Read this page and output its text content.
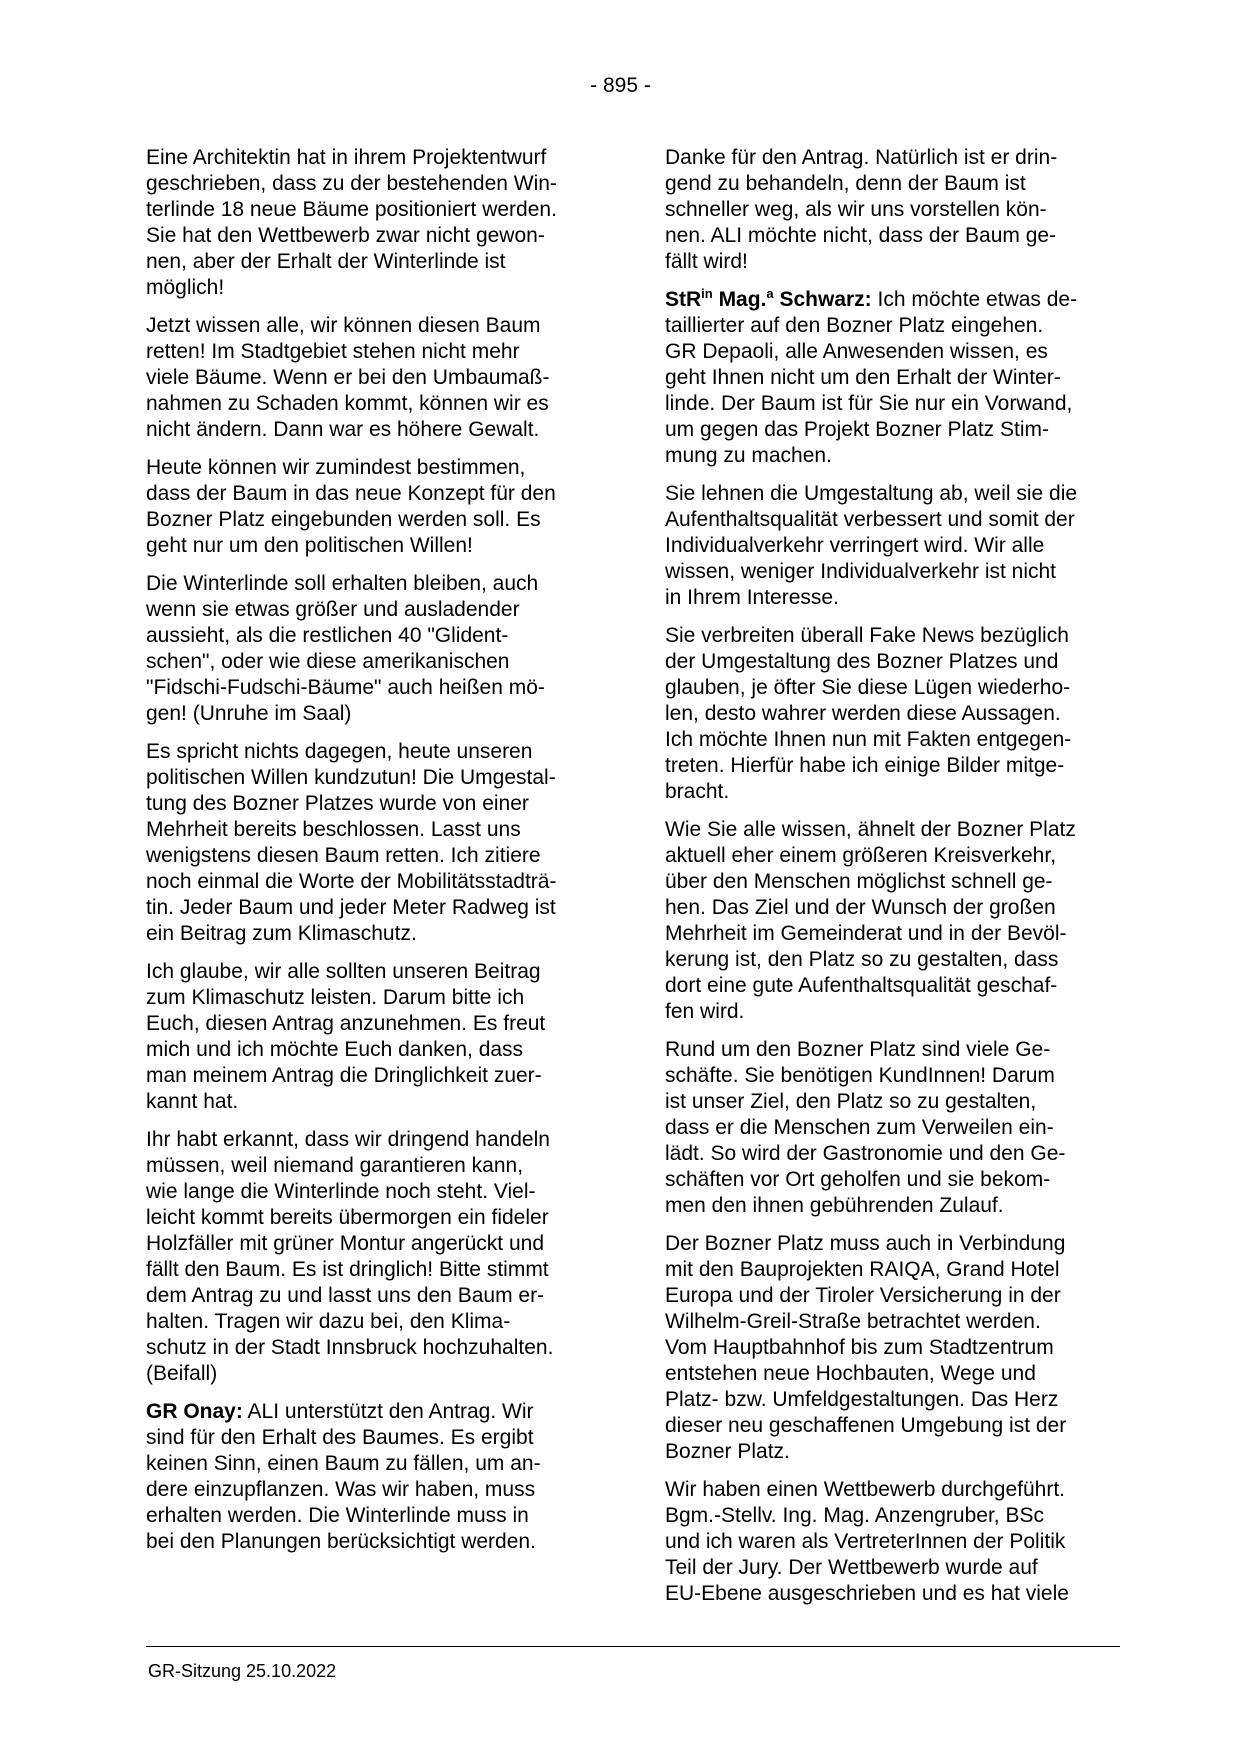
- 895 -

Eine Architektin hat in ihrem Projektentwurf
geschrieben, dass zu der bestehenden Win-
terlinde 18 neue Bäume positioniert werden.
Sie hat den Wettbewerb zwar nicht gewon-
nen, aber der Erhalt der Winterlinde ist
möglich!

Jetzt wissen alle, wir können diesen Baum
retten! Im Stadtgebiet stehen nicht mehr
viele Bäume. Wenn er bei den Umbaumaß-
nahmen zu Schaden kommt, können wir es
nicht ändern. Dann war es höhere Gewalt.

Heute können wir zumindest bestimmen,
dass der Baum in das neue Konzept für den
Bozner Platz eingebunden werden soll. Es
geht nur um den politischen Willen!

Die Winterlinde soll erhalten bleiben, auch
wenn sie etwas größer und ausladender
aussieht, als die restlichen 40 "Glident-
schen", oder wie diese amerikanischen
"Fidschi-Fudschi-Bäume" auch heißen mö-
gen! (Unruhe im Saal)

Es spricht nichts dagegen, heute unseren
politischen Willen kundzutun! Die Umgestal-
tung des Bozner Platzes wurde von einer
Mehrheit bereits beschlossen. Lasst uns
wenigstens diesen Baum retten. Ich zitiere
noch einmal die Worte der Mobilitätsstadträ-
tin. Jeder Baum und jeder Meter Radweg ist
ein Beitrag zum Klimaschutz.

Ich glaube, wir alle sollten unseren Beitrag
zum Klimaschutz leisten. Darum bitte ich
Euch, diesen Antrag anzunehmen. Es freut
mich und ich möchte Euch danken, dass
man meinem Antrag die Dringlichkeit zuer-
kannt hat.

Ihr habt erkannt, dass wir dringend handeln
müssen, weil niemand garantieren kann,
wie lange die Winterlinde noch steht. Viel-
leicht kommt bereits übermorgen ein fideler
Holzfäller mit grüner Montur angerückt und
fällt den Baum. Es ist dringlich! Bitte stimmt
dem Antrag zu und lasst uns den Baum er-
halten. Tragen wir dazu bei, den Klima-
schutz in der Stadt Innsbruck hochzuhalten.
(Beifall)

GR Onay: ALI unterstützt den Antrag. Wir
sind für den Erhalt des Baumes. Es ergibt
keinen Sinn, einen Baum zu fällen, um an-
dere einzupflanzen. Was wir haben, muss
erhalten werden. Die Winterlinde muss in
bei den Planungen berücksichtigt werden.

Danke für den Antrag. Natürlich ist er drin-
gend zu behandeln, denn der Baum ist
schneller weg, als wir uns vorstellen kön-
nen. ALI möchte nicht, dass der Baum ge-
fällt wird!

StR$^{in}$ Mag.$^a$ Schwarz: Ich möchte etwas de-
taillierter auf den Bozner Platz eingehen.
GR Depaoli, alle Anwesenden wissen, es
geht Ihnen nicht um den Erhalt der Winter-
linde. Der Baum ist für Sie nur ein Vorwand,
um gegen das Projekt Bozner Platz Stim-
mung zu machen.

Sie lehnen die Umgestaltung ab, weil sie die
Aufenthaltsqualität verbessert und somit der
Individualverkehr verringert wird. Wir alle
wissen, weniger Individualverkehr ist nicht
in Ihrem Interesse.

Sie verbreiten überall Fake News bezüglich
der Umgestaltung des Bozner Platzes und
glauben, je öfter Sie diese Lügen wiederho-
len, desto wahrer werden diese Aussagen.
Ich möchte Ihnen nun mit Fakten entgegen-
treten. Hierfür habe ich einige Bilder mitge-
bracht.

Wie Sie alle wissen, ähnelt der Bozner Platz
aktuell eher einem größeren Kreisverkehr,
über den Menschen möglichst schnell ge-
hen. Das Ziel und der Wunsch der großen
Mehrheit im Gemeinderat und in der Bevöl-
kerung ist, den Platz so zu gestalten, dass
dort eine gute Aufenthaltsqualität geschaf-
fen wird.

Rund um den Bozner Platz sind viele Ge-
schäfte. Sie benötigen KundInnen! Darum
ist unser Ziel, den Platz so zu gestalten,
dass er die Menschen zum Verweilen ein-
lädt. So wird der Gastronomie und den Ge-
schäften vor Ort geholfen und sie bekom-
men den ihnen gebührenden Zulauf.

Der Bozner Platz muss auch in Verbindung
mit den Bauprojekten RAIQA, Grand Hotel
Europa und der Tiroler Versicherung in der
Wilhelm-Greil-Straße betrachtet werden.
Vom Hauptbahnhof bis zum Stadtzentrum
entstehen neue Hochbauten, Wege und
Platz- bzw. Umfeldgestaltungen. Das Herz
dieser neu geschaffenen Umgebung ist der
Bozner Platz.

Wir haben einen Wettbewerb durchgeführt.
Bgm.-Stellv. Ing. Mag. Anzengruber, BSc
und ich waren als VertreterInnen der Politik
Teil der Jury. Der Wettbewerb wurde auf
EU-Ebene ausgeschrieben und es hat viele

GR-Sitzung 25.10.2022
